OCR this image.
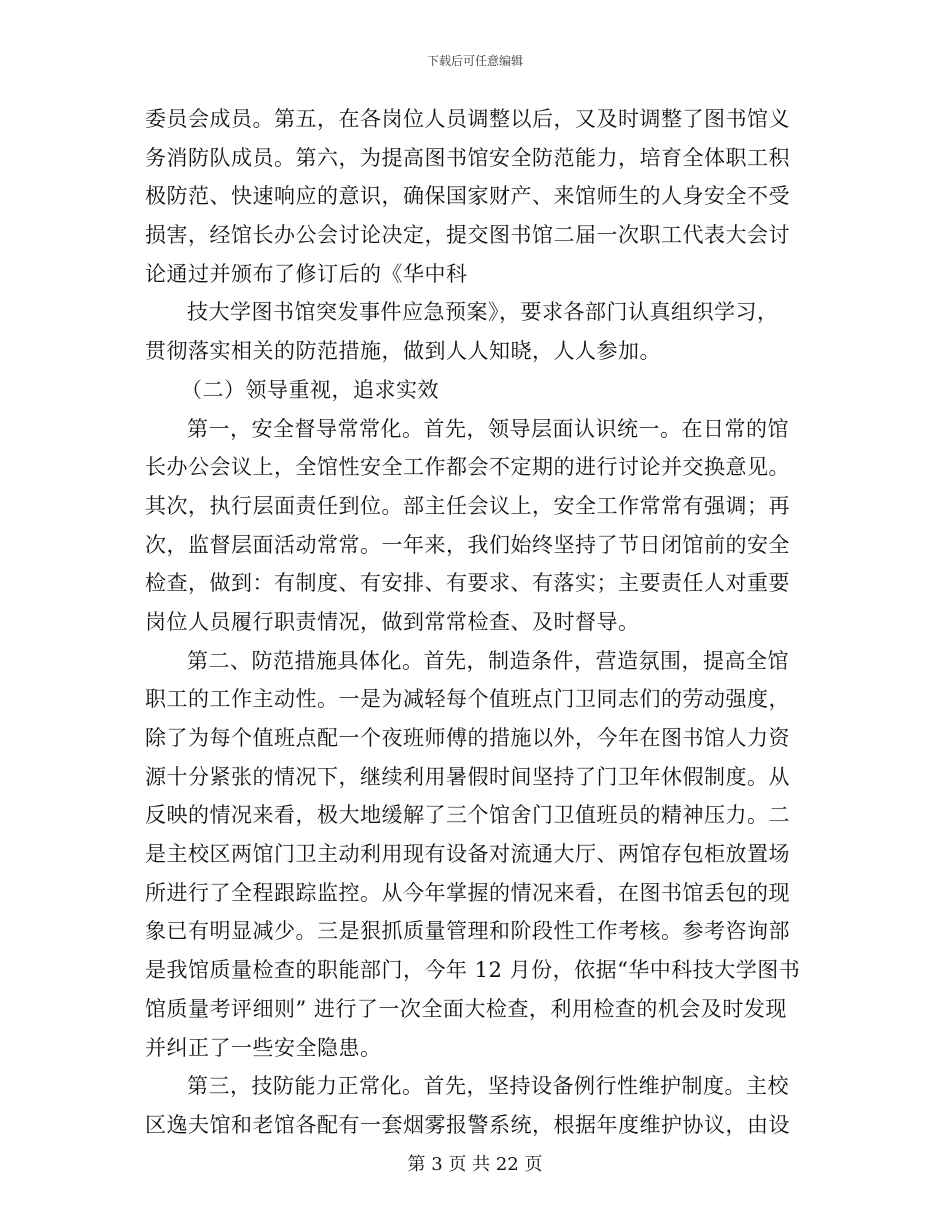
下载后可任意编辑
委员会成员。第五，在各岗位人员调整以后，又及时调整了图书馆义
务消防队成员。第六，为提高图书馆安全防范能力，培育全体职工积
极防范、快速响应的意识，确保国家财产、来馆师生的人身安全不受
损害，经馆长办公会讨论决定，提交图书馆二届一次职工代表大会讨
论通过并颁布了修订后的《华中科
技大学图书馆突发事件应急预案》，要求各部门认真组织学习，
贯彻落实相关的防范措施，做到人人知晓，人人参加。
（二）领导重视，追求实效
第一，安全督导常常化。首先，领导层面认识统一。在日常的馆
长办公会议上，全馆性安全工作都会不定期的进行讨论并交换意见。
其次，执行层面责任到位。部主任会议上，安全工作常常有强调；再
次，监督层面活动常常。一年来，我们始终坚持了节日闭馆前的安全
检查，做到：有制度、有安排、有要求、有落实；主要责任人对重要
岗位人员履行职责情况，做到常常检查、及时督导。
第二、防范措施具体化。首先，制造条件，营造氛围，提高全馆
职工的工作主动性。一是为减轻每个值班点门卫同志们的劳动强度，
除了为每个值班点配一个夜班师傅的措施以外，今年在图书馆人力资
源十分紧张的情况下，继续利用暑假时间坚持了门卫年休假制度。从
反映的情况来看，极大地缓解了三个馆舍门卫值班员的精神压力。二
是主校区两馆门卫主动利用现有设备对流通大厅、两馆存包柜放置场
所进行了全程跟踪监控。从今年掌握的情况来看，在图书馆丢包的现
象已有明显减少。三是狠抓质量管理和阶段性工作考核。参考咨询部
是我馆质量检查的职能部门，今年 12 月份，依据“华中科技大学图书
馆质量考评细则” 进行了一次全面大检查，利用检查的机会及时发现
并纠正了一些安全隐患。
第三，技防能力正常化。首先，坚持设备例行性维护制度。主校
区逸夫馆和老馆各配有一套烟雾报警系统，根据年度维护协议，由设
第 3 页 共 22 页
